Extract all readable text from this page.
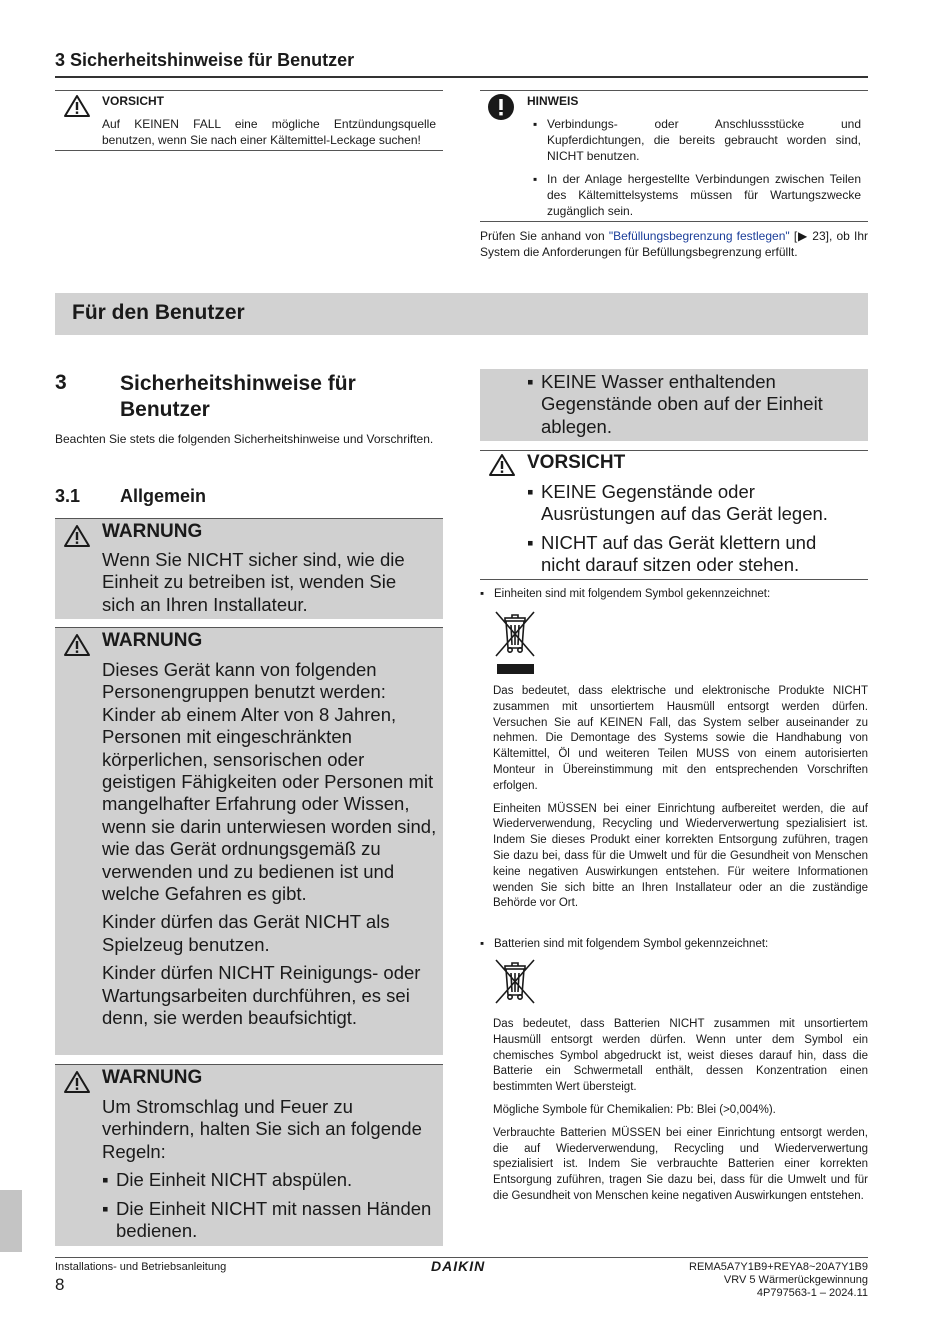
3 Sicherheitshinweise für Benutzer
VORSICHT
Auf KEINEN FALL eine mögliche Entzündungsquelle benutzen, wenn Sie nach einer Kältemittel-Leckage suchen!
HINWEIS
▪ Verbindungs- oder Anschlussstücke und Kupferdichtungen, die bereits gebraucht worden sind, NICHT benutzen.
▪ In der Anlage hergestellte Verbindungen zwischen Teilen des Kältemittelsystems müssen für Wartungszwecke zugänglich sein.
Prüfen Sie anhand von "Befüllungsbegrenzung festlegen" [▶ 23], ob Ihr System die Anforderungen für Befüllungsbegrenzung erfüllt.
Für den Benutzer
3	Sicherheitshinweise für Benutzer
Beachten Sie stets die folgenden Sicherheitshinweise und Vorschriften.
3.1 Allgemein
WARNUNG
Wenn Sie NICHT sicher sind, wie die Einheit zu betreiben ist, wenden Sie sich an Ihren Installateur.
WARNUNG
Dieses Gerät kann von folgenden Personengruppen benutzt werden: Kinder ab einem Alter von 8 Jahren, Personen mit eingeschränkten körperlichen, sensorischen oder geistigen Fähigkeiten oder Personen mit mangelhafter Erfahrung oder Wissen, wenn sie darin unterwiesen worden sind, wie das Gerät ordnungsgemäß zu verwenden und zu bedienen ist und welche Gefahren es gibt.
Kinder dürfen das Gerät NICHT als Spielzeug benutzen.
Kinder dürfen NICHT Reinigungs- oder Wartungsarbeiten durchführen, es sei denn, sie werden beaufsichtigt.
WARNUNG
Um Stromschlag und Feuer zu verhindern, halten Sie sich an folgende Regeln:
▪ Die Einheit NICHT abspülen.
▪ Die Einheit NICHT mit nassen Händen bedienen.
▪ KEINE Wasser enthaltenden Gegenstände oben auf der Einheit ablegen.
VORSICHT
▪ KEINE Gegenstände oder Ausrüstungen auf das Gerät legen.
▪ NICHT auf das Gerät klettern und nicht darauf sitzen oder stehen.
▪ Einheiten sind mit folgendem Symbol gekennzeichnet:
Das bedeutet, dass elektrische und elektronische Produkte NICHT zusammen mit unsortiertem Hausmüll entsorgt werden dürfen. Versuchen Sie auf KEINEN Fall, das System selber auseinander zu nehmen. Die Demontage des Systems sowie die Handhabung von Kältemittel, Öl und weiteren Teilen MUSS von einem autorisierten Monteur in Übereinstimmung mit den entsprechenden Vorschriften erfolgen.
Einheiten MÜSSEN bei einer Einrichtung aufbereitet werden, die auf Wiederverwendung, Recycling und Wiederverwertung spezialisiert ist. Indem Sie dieses Produkt einer korrekten Entsorgung zuführen, tragen Sie dazu bei, dass für die Umwelt und für die Gesundheit von Menschen keine negativen Auswirkungen entstehen. Für weitere Informationen wenden Sie sich bitte an Ihren Installateur oder an die zuständige Behörde vor Ort.
▪ Batterien sind mit folgendem Symbol gekennzeichnet:
Das bedeutet, dass Batterien NICHT zusammen mit unsortiertem Hausmüll entsorgt werden dürfen. Wenn unter dem Symbol ein chemisches Symbol abgedruckt ist, weist dieses darauf hin, dass die Batterie ein Schwermetall enthält, dessen Konzentration einen bestimmten Wert übersteigt.
Mögliche Symbole für Chemikalien: Pb: Blei (>0,004%).
Verbrauchte Batterien MÜSSEN bei einer Einrichtung entsorgt werden, die auf Wiederverwendung, Recycling und Wiederverwertung spezialisiert ist. Indem Sie verbrauchte Batterien einer korrekten Entsorgung zuführen, tragen Sie dazu bei, dass für die Umwelt und für die Gesundheit von Menschen keine negativen Auswirkungen entstehen.
Installations- und Betriebsanleitung
8
DAIKIN	REMA5A7Y1B9+REYA8~20A7Y1B9
VRV 5 Wärmerückgewinnung
4P797563-1 – 2024.11
